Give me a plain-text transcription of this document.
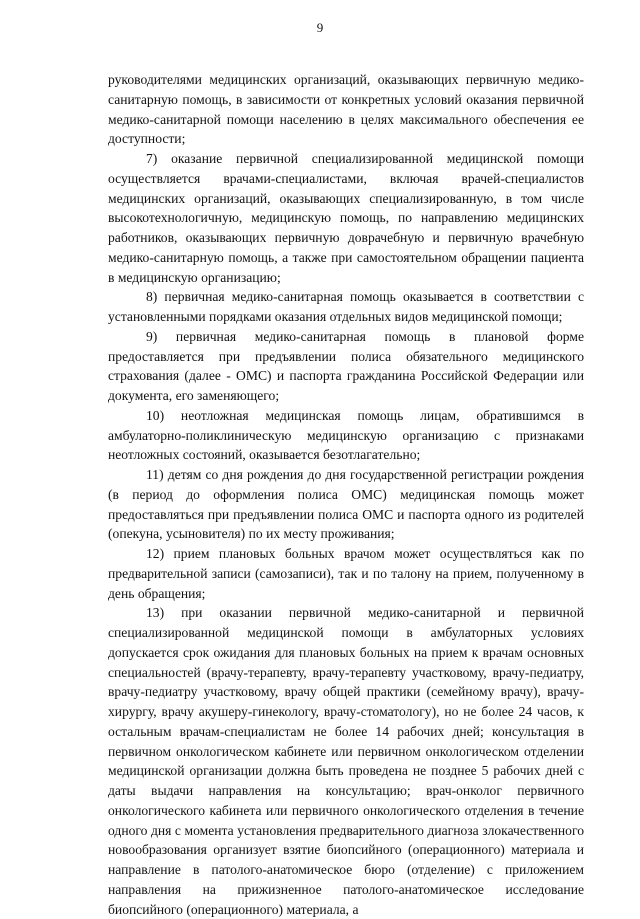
9

руководителями медицинских организаций, оказывающих первичную медико-санитарную помощь, в зависимости от конкретных условий оказания первичной медико-санитарной помощи населению в целях максимального обеспечения ее доступности;

7) оказание первичной специализированной медицинской помощи осуществляется врачами-специалистами, включая врачей-специалистов медицинских организаций, оказывающих специализированную, в том числе высокотехнологичную, медицинскую помощь, по направлению медицинских работников, оказывающих первичную доврачебную и первичную врачебную медико-санитарную помощь, а также при самостоятельном обращении пациента в медицинскую организацию;

8) первичная медико-санитарная помощь оказывается в соответствии с установленными порядками оказания отдельных видов медицинской помощи;

9) первичная медико-санитарная помощь в плановой форме предоставляется при предъявлении полиса обязательного медицинского страхования (далее - ОМС) и паспорта гражданина Российской Федерации или документа, его заменяющего;

10) неотложная медицинская помощь лицам, обратившимся в амбулаторно-поликлиническую медицинскую организацию с признаками неотложных состояний, оказывается безотлагательно;

11) детям со дня рождения до дня государственной регистрации рождения (в период до оформления полиса ОМС) медицинская помощь может предоставляться при предъявлении полиса ОМС и паспорта одного из родителей (опекуна, усыновителя) по их месту проживания;

12) прием плановых больных врачом может осуществляться как по предварительной записи (самозаписи), так и по талону на прием, полученному в день обращения;

13) при оказании первичной медико-санитарной и первичной специализированной медицинской помощи в амбулаторных условиях допускается срок ожидания для плановых больных на прием к врачам основных специальностей (врачу-терапевту, врачу-терапевту участковому, врачу-педиатру, врачу-педиатру участковому, врачу общей практики (семейному врачу), врачу-хирургу, врачу акушеру-гинекологу, врачу-стоматологу), но не более 24 часов, к остальным врачам-специалистам не более 14 рабочих дней; консультация в первичном онкологическом кабинете или первичном онкологическом отделении медицинской организации должна быть проведена не позднее 5 рабочих дней с даты выдачи направления на консультацию; врач-онколог первичного онкологического кабинета или первичного онкологического отделения в течение одного дня с момента установления предварительного диагноза злокачественного новообразования организует взятие биопсийного (операционного) материала и направление в патолого-анатомическое бюро (отделение) с приложением направления на прижизненное патолого-анатомическое исследование биопсийного (операционного) материала, а
